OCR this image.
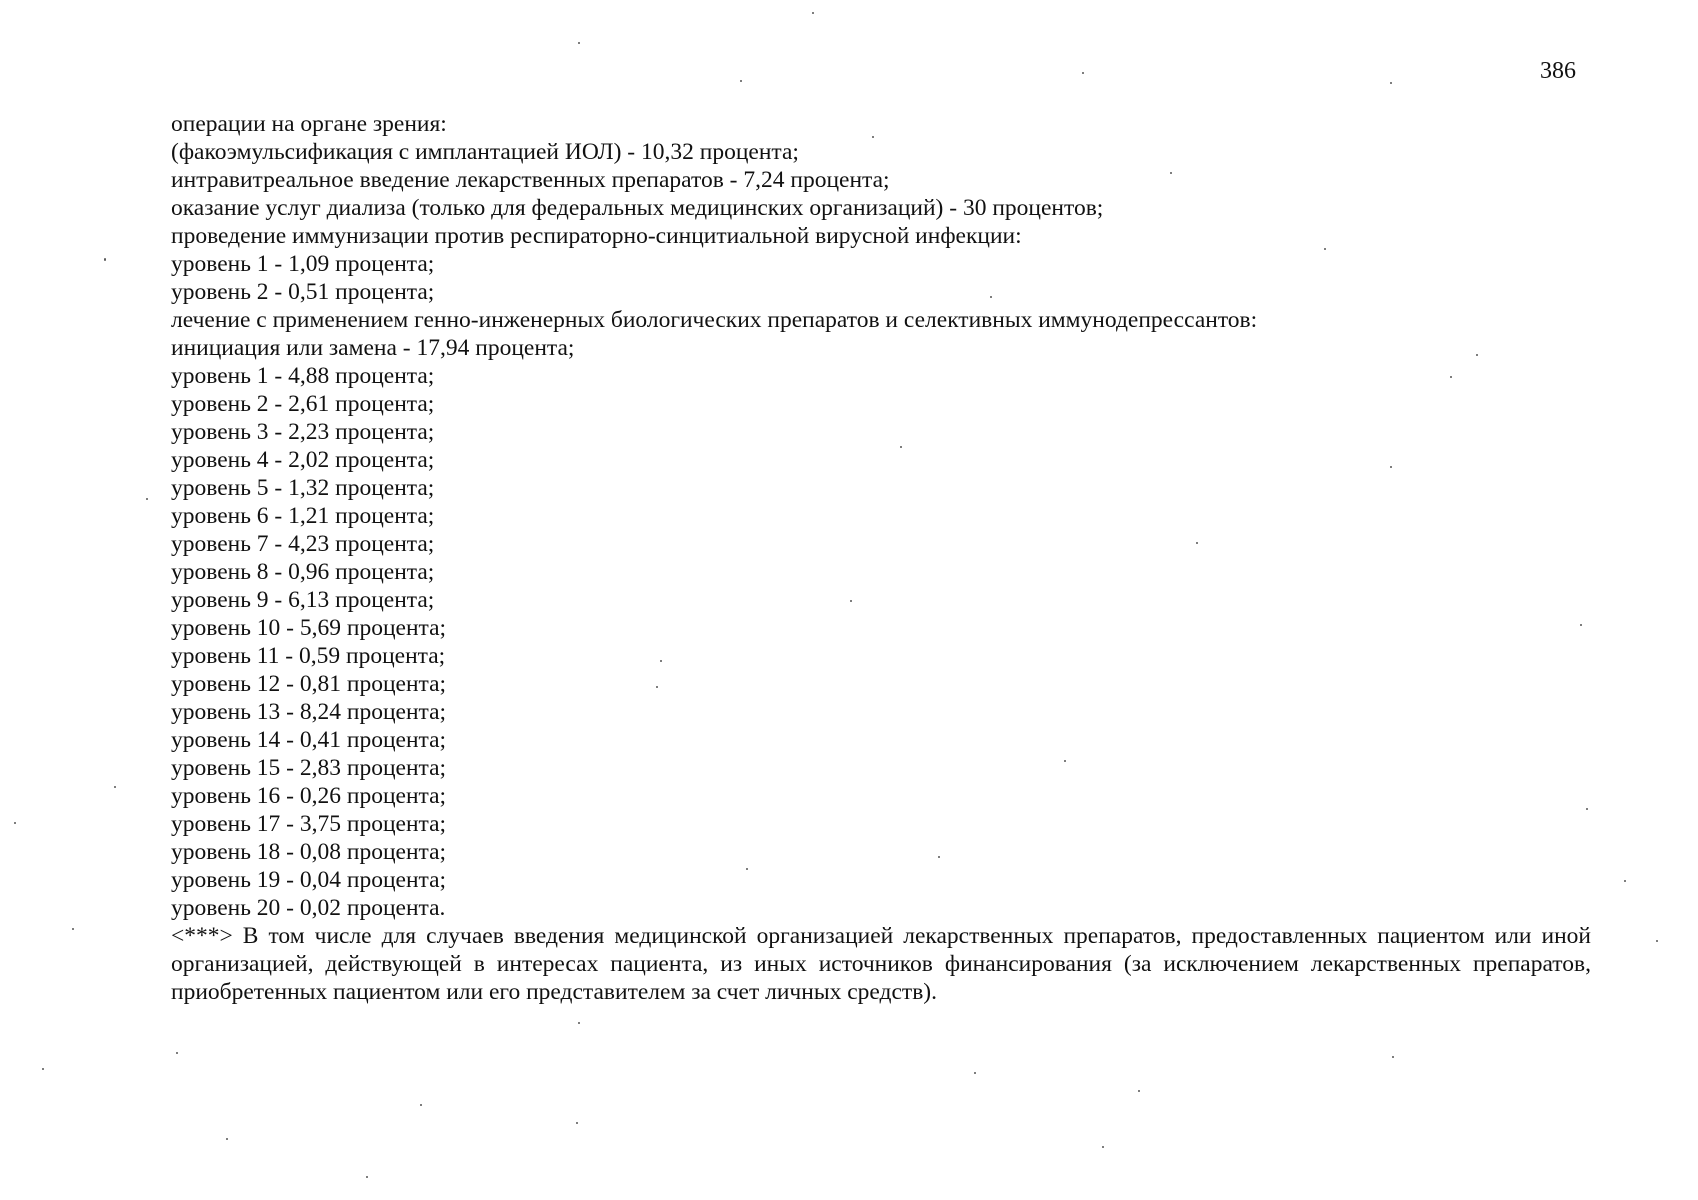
386
операции на органе зрения:
(факоэмульсификация с имплантацией ИОЛ) - 10,32 процента;
интравитреальное введение лекарственных препаратов - 7,24 процента;
оказание услуг диализа (только для федеральных медицинских организаций) - 30 процентов;
проведение иммунизации против респираторно-синцитиальной вирусной инфекции:
уровень 1 - 1,09 процента;
уровень 2 - 0,51 процента;
лечение с применением генно-инженерных биологических препаратов и селективных иммунодепрессантов:
инициация или замена - 17,94 процента;
уровень 1 - 4,88 процента;
уровень 2 - 2,61 процента;
уровень 3 - 2,23 процента;
уровень 4 - 2,02 процента;
уровень 5 - 1,32 процента;
уровень 6 - 1,21 процента;
уровень 7 - 4,23 процента;
уровень 8 - 0,96 процента;
уровень 9 - 6,13 процента;
уровень 10 - 5,69 процента;
уровень 11 - 0,59 процента;
уровень 12 - 0,81 процента;
уровень 13 - 8,24 процента;
уровень 14 - 0,41 процента;
уровень 15 - 2,83 процента;
уровень 16 - 0,26 процента;
уровень 17 - 3,75 процента;
уровень 18 - 0,08 процента;
уровень 19 - 0,04 процента;
уровень 20 - 0,02 процента.
<***> В том числе для случаев введения медицинской организацией лекарственных препаратов, предоставленных пациентом или иной организацией, действующей в интересах пациента, из иных источников финансирования (за исключением лекарственных препаратов, приобретенных пациентом или его представителем за счет личных средств).
